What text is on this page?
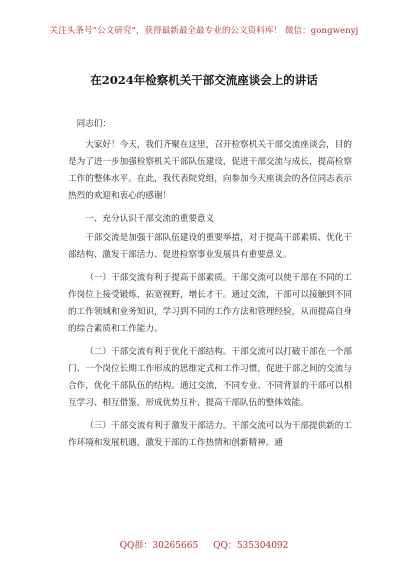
关注头条号“公文研究”，获得最新最全最专业的公文资料库！ 微信：gongwenyj
在2024年检察机关干部交流座谈会上的讲话

同志们：

大家好！今天，我们齐聚在这里，召开检察机关干部交流座谈会，目的是为了进一步加强检察机关干部队伍建设，促进干部交流与成长，提高检察工作的整体水平。在此，我代表院党组，向参加今天座谈会的各位同志表示热烈的欢迎和衷心的感谢！

一、充分认识干部交流的重要意义

干部交流是加强干部队伍建设的重要举措，对于提高干部素质、优化干部结构、激发干部活力、促进检察事业发展具有重要意义。

（一）干部交流有利于提高干部素质。干部交流可以使干部在不同的工作岗位上接受锻炼，拓宽视野，增长才干。通过交流，干部可以接触到不同的工作领域和业务知识，学习到不同的工作方法和管理经验，从而提高自身的综合素质和工作能力。

（二）干部交流有利于优化干部结构。干部交流可以打破干部在一个部门、一个岗位长期工作形成的思维定式和工作习惯，促进干部之间的交流与合作，优化干部队伍的结构。通过交流，不同专业、不同背景的干部可以相互学习、相互借鉴，形成优势互补，提高干部队伍的整体效能。

（三）干部交流有利于激发干部活力。干部交流可以为干部提供新的工作环境和发展机遇，激发干部的工作热情和创新精神。通

QQ群：30265665 QQ：535304092
